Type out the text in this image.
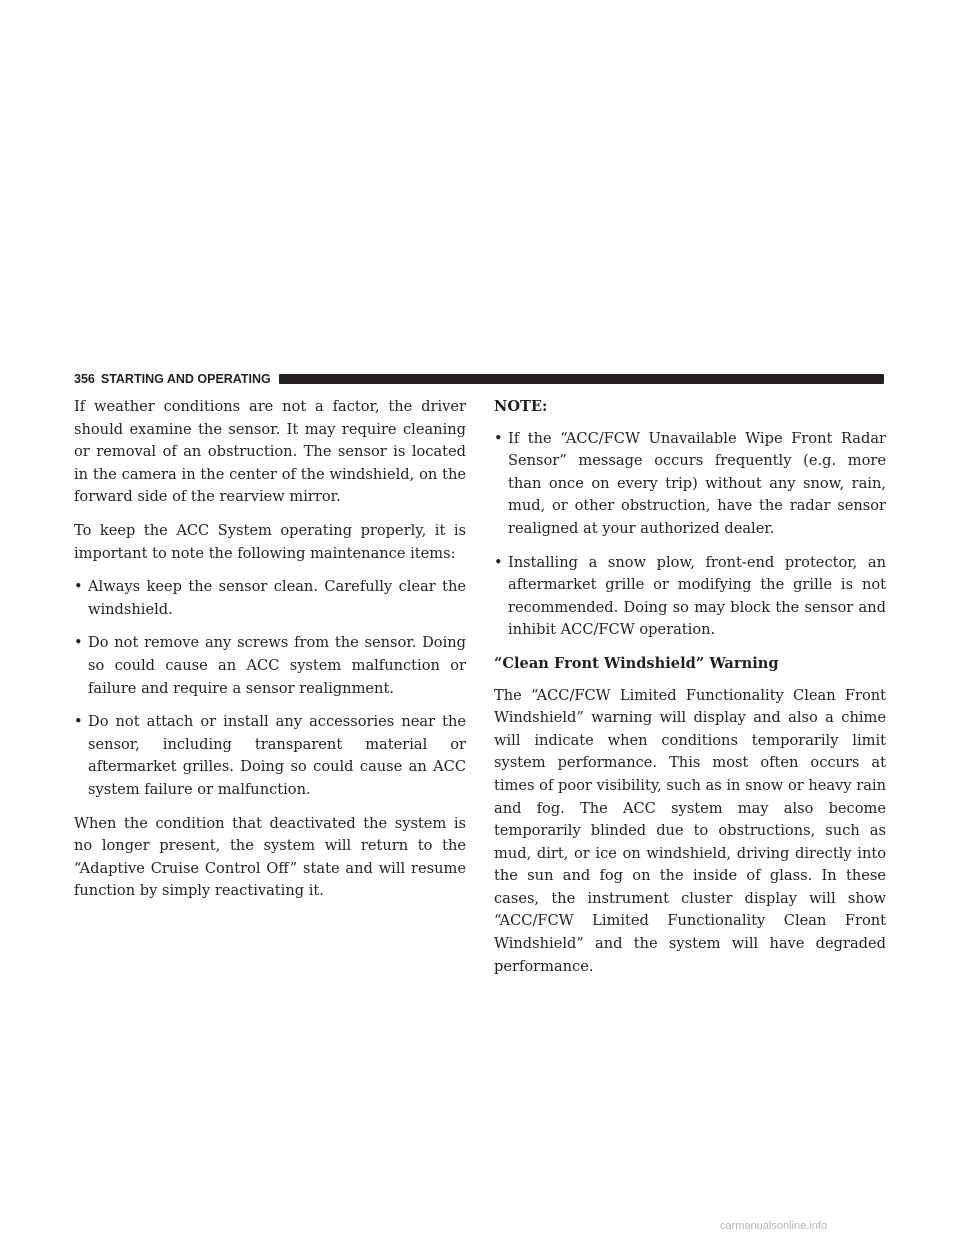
356 STARTING AND OPERATING

If weather conditions are not a factor, the driver should examine the sensor. It may require cleaning or removal of an obstruction. The sensor is located in the camera in the center of the windshield, on the forward side of the rearview mirror.

To keep the ACC System operating properly, it is important to note the following maintenance items:

• Always keep the sensor clean. Carefully clear the windshield.
• Do not remove any screws from the sensor. Doing so could cause an ACC system malfunction or failure and require a sensor realignment.
• Do not attach or install any accessories near the sensor, including transparent material or aftermarket grilles. Doing so could cause an ACC system failure or malfunction.

When the condition that deactivated the system is no longer present, the system will return to the “Adaptive Cruise Control Off” state and will resume function by simply reactivating it.

NOTE:
• If the “ACC/FCW Unavailable Wipe Front Radar Sensor” message occurs frequently (e.g. more than once on every trip) without any snow, rain, mud, or other obstruction, have the radar sensor realigned at your authorized dealer.
• Installing a snow plow, front-end protector, an aftermarket grille or modifying the grille is not recommended. Doing so may block the sensor and inhibit ACC/FCW operation.
“Clean Front Windshield” Warning

The “ACC/FCW Limited Functionality Clean Front Windshield” warning will display and also a chime will indicate when conditions temporarily limit system performance. This most often occurs at times of poor visibility, such as in snow or heavy rain and fog. The ACC system may also become temporarily blinded due to obstructions, such as mud, dirt, or ice on windshield, driving directly into the sun and fog on the inside of glass. In these cases, the instrument cluster display will show “ACC/FCW Limited Functionality Clean Front Windshield” and the system will have degraded performance.

carmanualsonline.info
